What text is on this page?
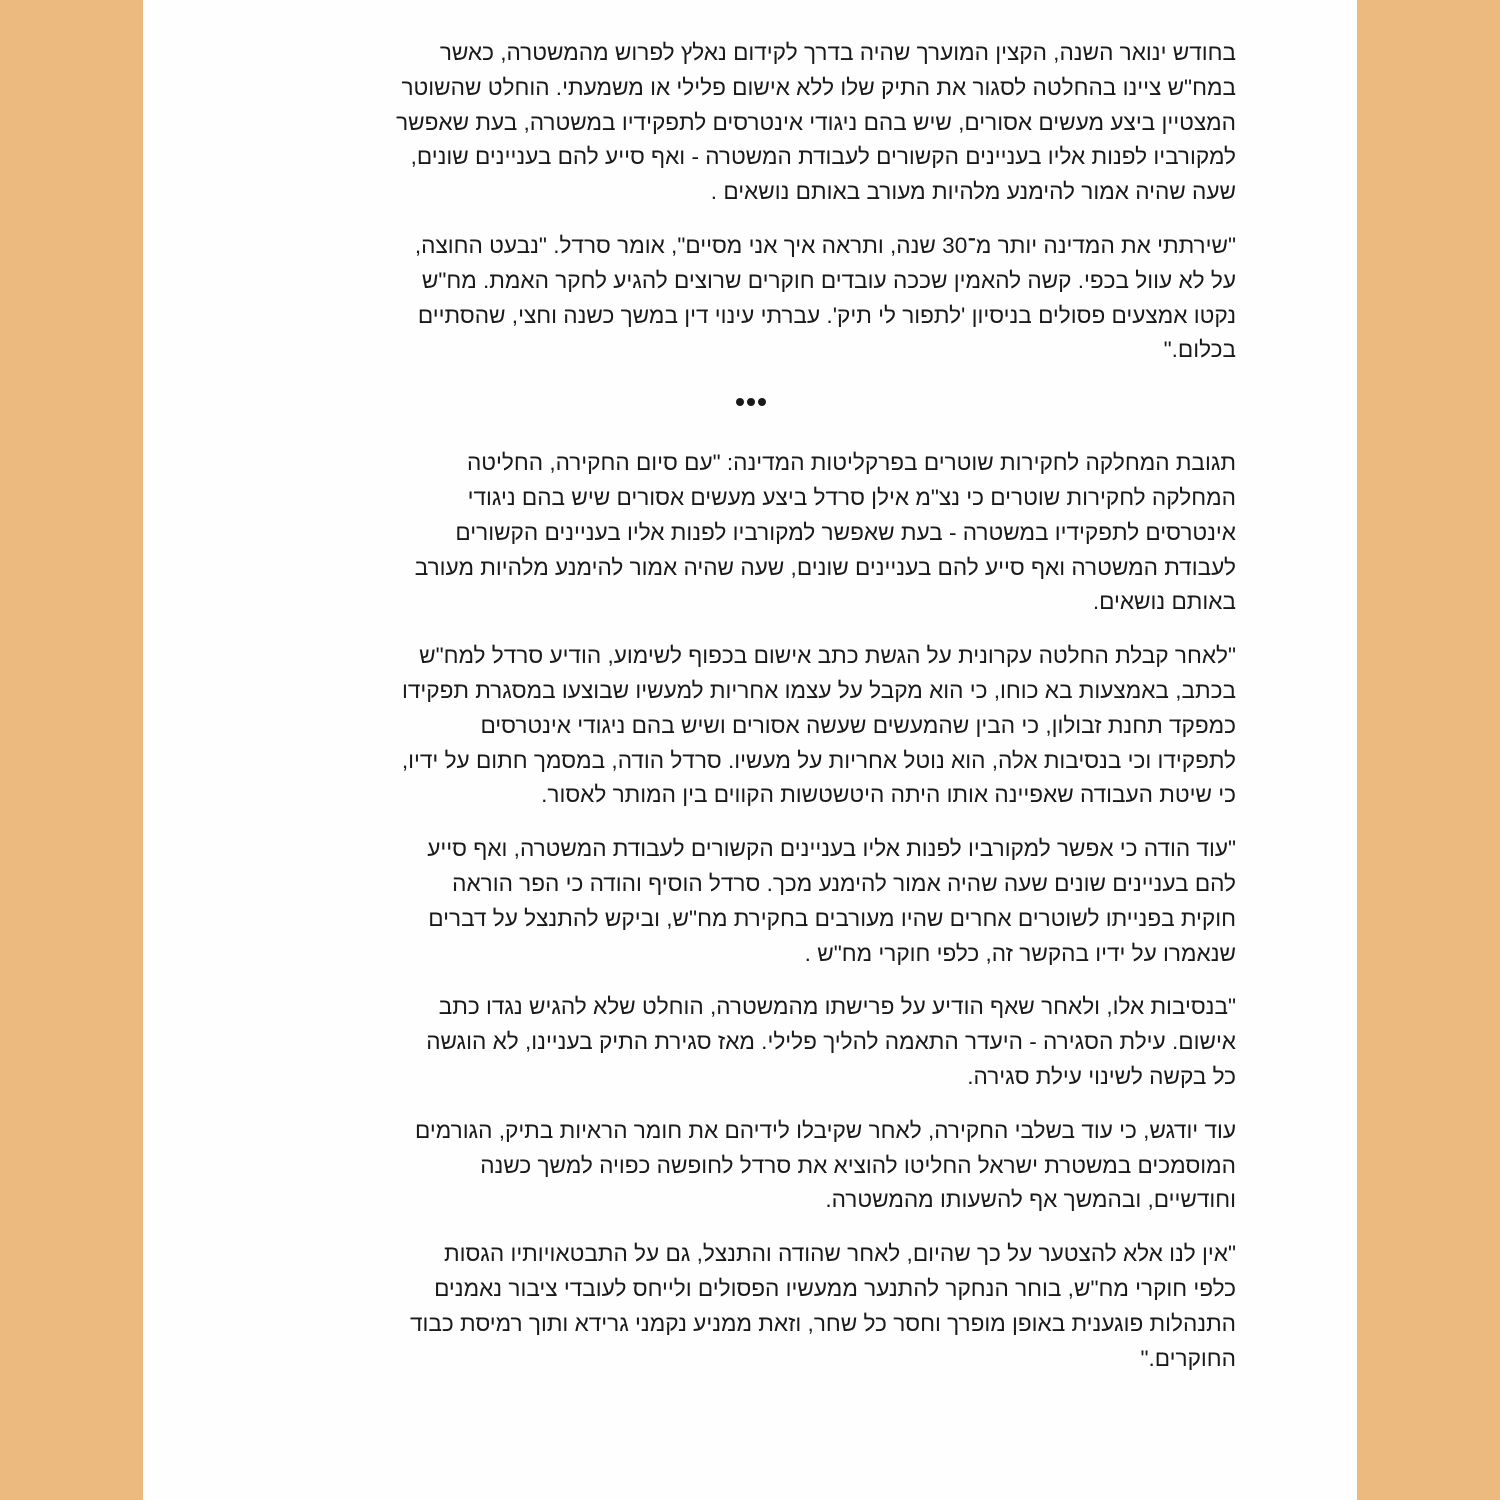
בחודש ינואר השנה, הקצין המוערך שהיה בדרך לקידום נאלץ לפרוש מהמשטרה, כאשר
במח"ש ציינו בהחלטה לסגור את התיק שלו ללא אישום פלילי או משמעתי. הוחלט שהשוטר
המצטיין ביצע מעשים אסורים, שיש בהם ניגודי אינטרסים לתפקידיו במשטרה, בעת שאפשר
למקורביו לפנות אליו בעניינים הקשורים לעבודת המשטרה - ואף סייע להם בעניינים שונים,
שעה שהיה אמור להימנע מלהיות מעורב באותם נושאים .

"שירתתי את המדינה יותר מ־30 שנה, ותראה איך אני מסיים", אומר סרדל. "נבעט החוצה,
על לא עוול בכפי. קשה להאמין שככה עובדים חוקרים שרוצים להגיע לחקר האמת. מח"ש
נקטו אמצעים פסולים בניסיון 'לתפור לי תיק'. עברתי עינוי דין במשך כשנה וחצי, שהסתיים
בכלום."

תגובת המחלקה לחקירות שוטרים בפרקליטות המדינה: "עם סיום החקירה, החליטה
המחלקה לחקירות שוטרים כי נצ"מ אילן סרדל ביצע מעשים אסורים שיש בהם ניגודי
אינטרסים לתפקידיו במשטרה - בעת שאפשר למקורביו לפנות אליו בעניינים הקשורים
לעבודת המשטרה ואף סייע להם בעניינים שונים, שעה שהיה אמור להימנע מלהיות מעורב
באותם נושאים.

"לאחר קבלת החלטה עקרונית על הגשת כתב אישום בכפוף לשימוע, הודיע סרדל למח"ש
בכתב, באמצעות בא כוחו, כי הוא מקבל על עצמו אחריות למעשיו שבוצעו במסגרת תפקידו
כמפקד תחנת זבולון, כי הבין שהמעשים שעשה אסורים ושיש בהם ניגודי אינטרסים
לתפקידו וכי בנסיבות אלה, הוא נוטל אחריות על מעשיו. סרדל הודה, במסמך חתום על ידיו,
כי שיטת העבודה שאפיינה אותו היתה היטשטשות הקווים בין המותר לאסור.

"עוד הודה כי אפשר למקורביו לפנות אליו בעניינים הקשורים לעבודת המשטרה, ואף סייע
להם בעניינים שונים שעה שהיה אמור להימנע מכך. סרדל הוסיף והודה כי הפר הוראה
חוקית בפנייתו לשוטרים אחרים שהיו מעורבים בחקירת מח"ש, וביקש להתנצל על דברים
שנאמרו על ידיו בהקשר זה, כלפי חוקרי מח"ש .

"בנסיבות אלו, ולאחר שאף הודיע על פרישתו מהמשטרה, הוחלט שלא להגיש נגדו כתב
אישום. עילת הסגירה - היעדר התאמה להליך פלילי. מאז סגירת התיק בעניינו, לא הוגשה
כל בקשה לשינוי עילת סגירה.

עוד יודגש, כי עוד בשלבי החקירה, לאחר שקיבלו לידיהם את חומר הראיות בתיק, הגורמים
המוסמכים במשטרת ישראל החליטו להוציא את סרדל לחופשה כפויה למשך כשנה
וחודשיים, ובהמשך אף להשעותו מהמשטרה.

"אין לנו אלא להצטער על כך שהיום, לאחר שהודה והתנצל, גם על התבטאויותיו הגסות
כלפי חוקרי מח"ש, בוחר הנחקר להתנער ממעשיו הפסולים ולייחס לעובדי ציבור נאמנים
התנהלות פוגענית באופן מופרך וחסר כל שחר, וזאת ממניע נקמני גרידא ותוך רמיסת כבוד
החוקרים."
